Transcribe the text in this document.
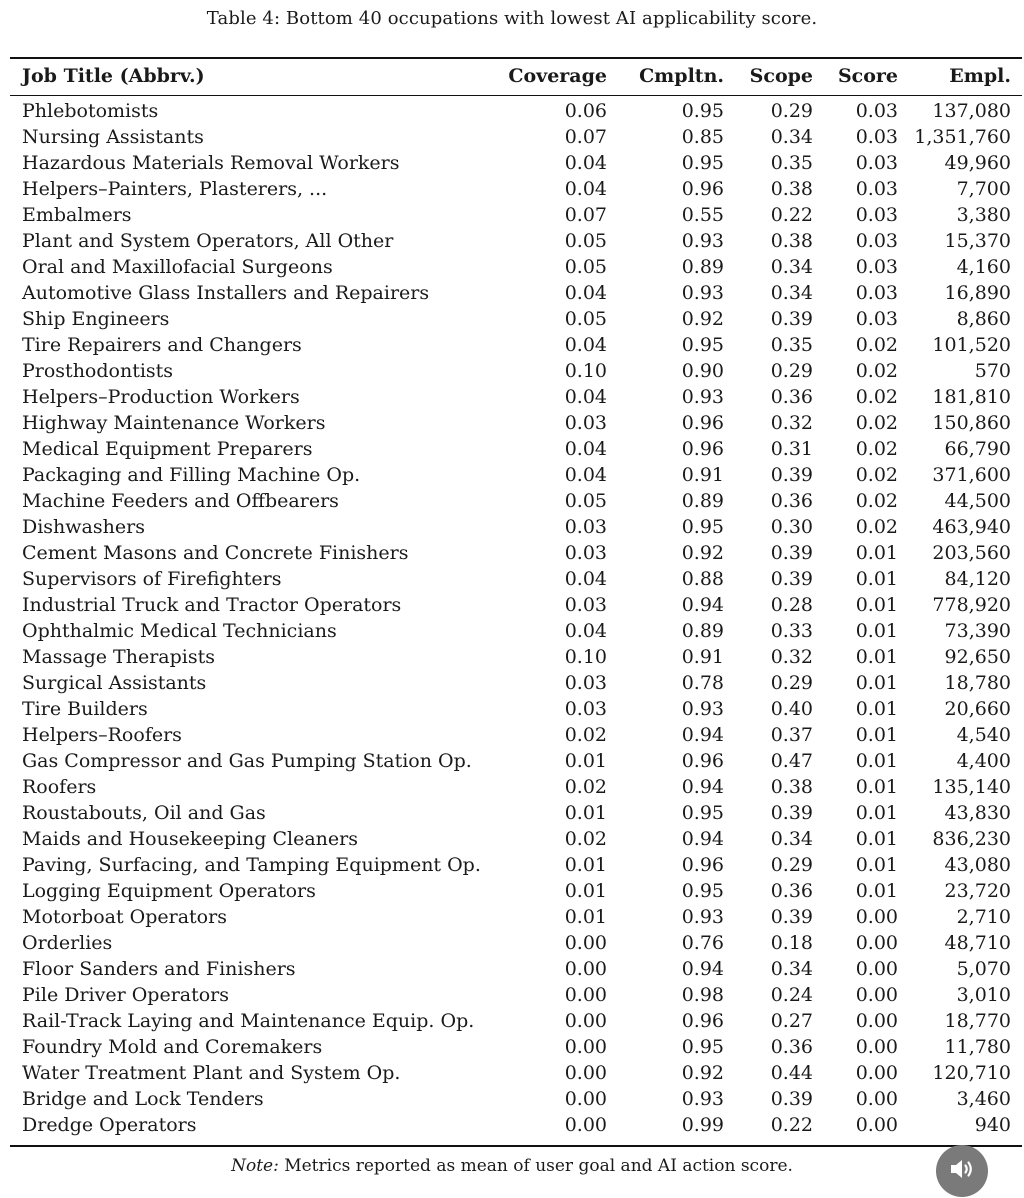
Table 4: Bottom 40 occupations with lowest AI applicability score.
Job Title (Abbrv.)	Coverage	Cmpltn.	Scope	Score	Empl.
Phlebotomists	0.06	0.95	0.29	0.03	137,080
Nursing Assistants	0.07	0.85	0.34	0.03 1,351,760
Hazardous Materials Removal Workers	0.04	0.95	0.35	0.03	49,960
Helpers–Painters, Plasterers, ...	0.04	0.96	0.38	0.03	7,700
Embalmers	0.07	0.55	0.22	0.03	3,380
Plant and System Operators, All Other	0.05	0.93	0.38	0.03	15,370
Oral and Maxillofacial Surgeons	0.05	0.89	0.34	0.03	4,160
Automotive Glass Installers and Repairers	0.04	0.93	0.34	0.03	16,890
Ship Engineers	0.05	0.92	0.39	0.03	8,860
Tire Repairers and Changers	0.04	0.95	0.35	0.02	101,520
Prosthodontists	0.10	0.90	0.29	0.02	570
Helpers–Production Workers	0.04	0.93	0.36	0.02	181,810
Highway Maintenance Workers	0.03	0.96	0.32	0.02	150,860
Medical Equipment Preparers	0.04	0.96	0.31	0.02	66,790
Packaging and Filling Machine Op.	0.04	0.91	0.39	0.02	371,600
Machine Feeders and Offbearers	0.05	0.89	0.36	0.02	44,500
Dishwashers	0.03	0.95	0.30	0.02	463,940
Cement Masons and Concrete Finishers	0.03	0.92	0.39	0.01	203,560
Supervisors of Firefighters	0.04	0.88	0.39	0.01	84,120
Industrial Truck and Tractor Operators	0.03	0.94	0.28	0.01	778,920
Ophthalmic Medical Technicians	0.04	0.89	0.33	0.01	73,390
Massage Therapists	0.10	0.91	0.32	0.01	92,650
Surgical Assistants	0.03	0.78	0.29	0.01	18,780
Tire Builders	0.03	0.93	0.40	0.01	20,660
Helpers–Roofers	0.02	0.94	0.37	0.01	4,540
Gas Compressor and Gas Pumping Station Op.	0.01	0.96	0.47	0.01	4,400
Roofers	0.02	0.94	0.38	0.01	135,140
Roustabouts, Oil and Gas	0.01	0.95	0.39	0.01	43,830
Maids and Housekeeping Cleaners	0.02	0.94	0.34	0.01	836,230
Paving, Surfacing, and Tamping Equipment Op.	0.01	0.96	0.29	0.01	43,080
Logging Equipment Operators	0.01	0.95	0.36	0.01	23,720
Motorboat Operators	0.01	0.93	0.39	0.00	2,710
Orderlies	0.00	0.76	0.18	0.00	48,710
Floor Sanders and Finishers	0.00	0.94	0.34	0.00	5,070
Pile Driver Operators	0.00	0.98	0.24	0.00	3,010
Rail-Track Laying and Maintenance Equip. Op.	0.00	0.96	0.27	0.00	18,770
Foundry Mold and Coremakers	0.00	0.95	0.36	0.00	11,780
Water Treatment Plant and System Op.	0.00	0.92	0.44	0.00	120,710
Bridge and Lock Tenders	0.00	0.93	0.39	0.00	3,460
Dredge Operators	0.00	0.99	0.22	0.00	940
Note: Metrics reported as mean of user goal and AI action score.
